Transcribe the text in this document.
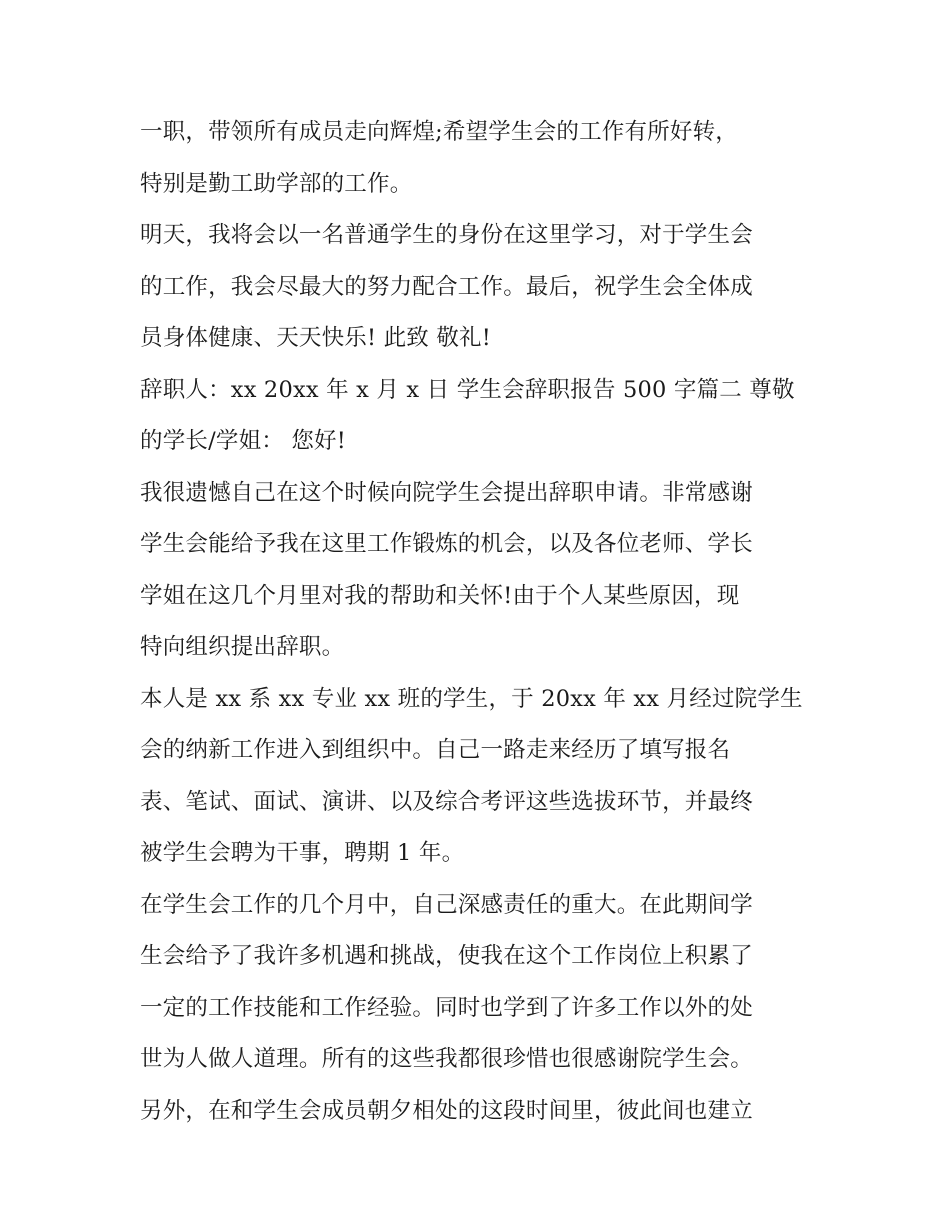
一职，带领所有成员走向辉煌;希望学生会的工作有所好转，
特别是勤工助学部的工作。
明天，我将会以一名普通学生的身份在这里学习，对于学生会
的工作，我会尽最大的努力配合工作。最后，祝学生会全体成
员身体健康、天天快乐! 此致 敬礼!
辞职人：xx 20xx 年 x 月 x 日 学生会辞职报告 500 字篇二 尊敬
的学长/学姐： 您好!
我很遗憾自己在这个时候向院学生会提出辞职申请。非常感谢
学生会能给予我在这里工作锻炼的机会，以及各位老师、学长
学姐在这几个月里对我的帮助和关怀!由于个人某些原因，现
特向组织提出辞职。
本人是 xx 系 xx 专业 xx 班的学生，于 20xx 年 xx 月经过院学生
会的纳新工作进入到组织中。自己一路走来经历了填写报名
表、笔试、面试、演讲、以及综合考评这些选拔环节，并最终
被学生会聘为干事，聘期 1 年。
在学生会工作的几个月中，自己深感责任的重大。在此期间学
生会给予了我许多机遇和挑战，使我在这个工作岗位上积累了
一定的工作技能和工作经验。同时也学到了许多工作以外的处
世为人做人道理。所有的这些我都很珍惜也很感谢院学生会。
另外，在和学生会成员朝夕相处的这段时间里，彼此间也建立
